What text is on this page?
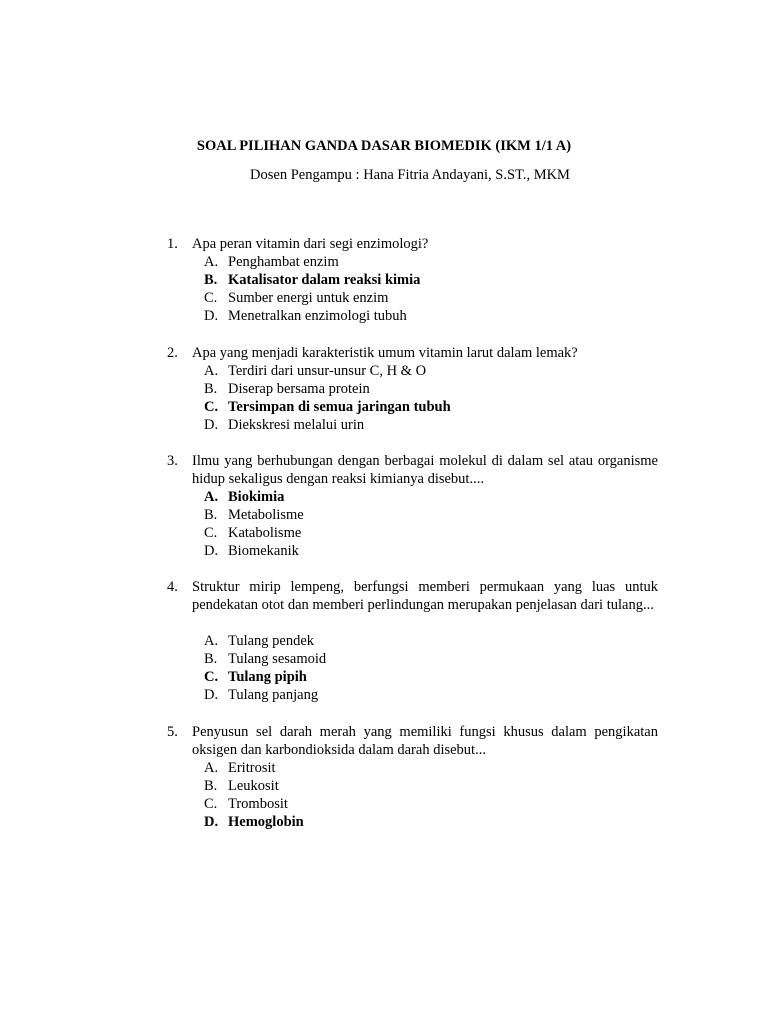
SOAL PILIHAN GANDA DASAR BIOMEDIK (IKM 1/1 A)
Dosen Pengampu : Hana Fitria Andayani, S.ST., MKM
1. Apa peran vitamin dari segi enzimologi?
A. Penghambat enzim
B. Katalisator dalam reaksi kimia
C. Sumber energi untuk enzim
D. Menetralkan enzimologi tubuh
2. Apa yang menjadi karakteristik umum vitamin larut dalam lemak?
A. Terdiri dari unsur-unsur C, H & O
B. Diserap bersama protein
C. Tersimpan di semua jaringan tubuh
D. Diekskresi melalui urin
3. Ilmu yang berhubungan dengan berbagai molekul di dalam sel atau organisme hidup sekaligus dengan reaksi kimianya disebut....
A. Biokimia
B. Metabolisme
C. Katabolisme
D. Biomekanik
4. Struktur mirip lempeng, berfungsi memberi permukaan yang luas untuk pendekatan otot dan memberi perlindungan merupakan penjelasan dari tulang...
A. Tulang pendek
B. Tulang sesamoid
C. Tulang pipih
D. Tulang panjang
5. Penyusun sel darah merah yang memiliki fungsi khusus dalam pengikatan oksigen dan karbondioksida dalam darah disebut...
A. Eritrosit
B. Leukosit
C. Trombosit
D. Hemoglobin
